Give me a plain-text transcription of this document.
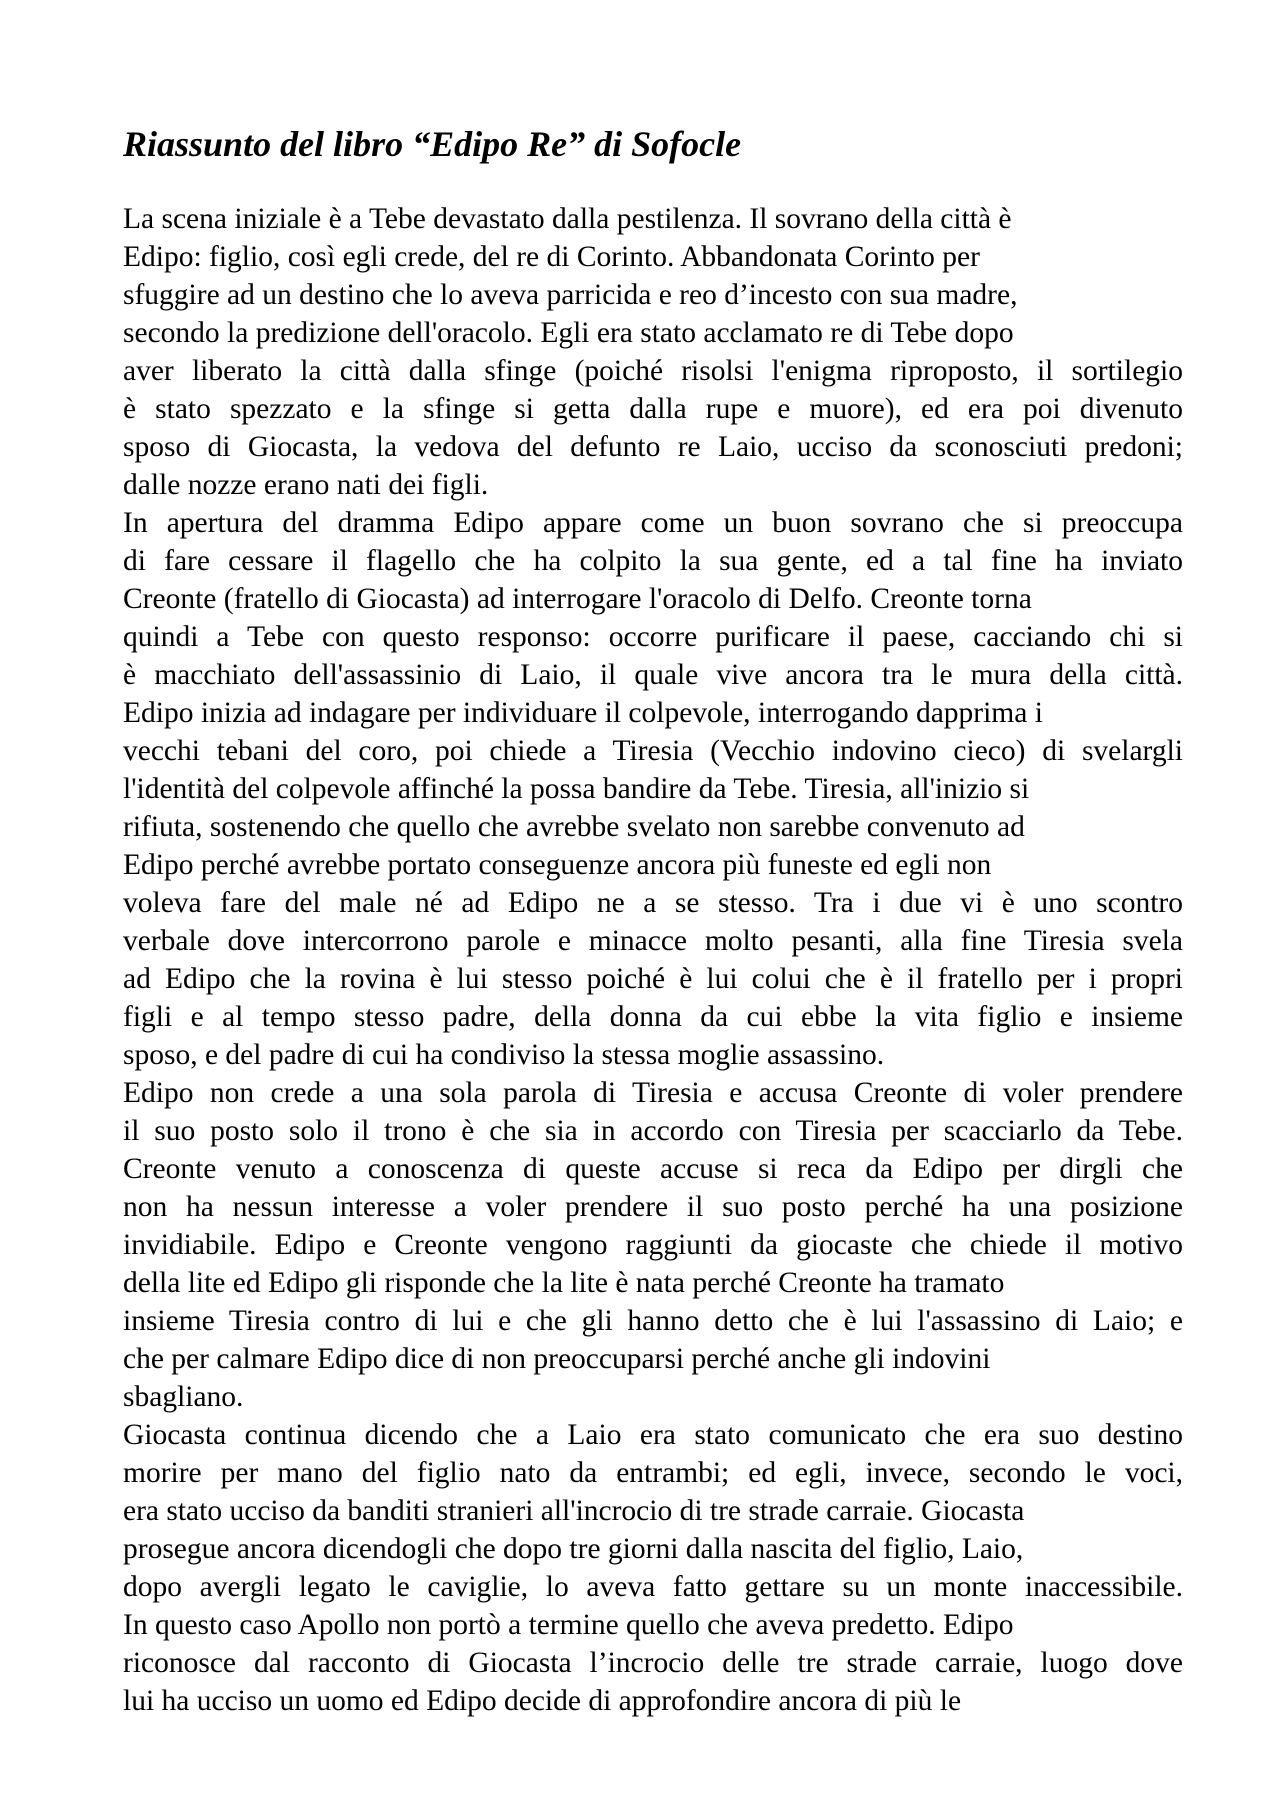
Riassunto del libro “Edipo Re” di Sofocle
La scena iniziale è a Tebe devastato dalla pestilenza. Il sovrano della città è
Edipo: figlio, così egli crede, del re di Corinto. Abbandonata Corinto per
sfuggire ad un destino che lo aveva parricida e reo d’incesto con sua madre,
secondo la predizione dell'oracolo. Egli era stato acclamato re di Tebe dopo
aver liberato la città dalla sfinge (poiché risolsi l'enigma riproposto, il sortilegio
è stato spezzato e la sfinge si getta dalla rupe e muore), ed era poi divenuto
sposo di Giocasta, la vedova del defunto re Laio, ucciso da sconosciuti predoni;
dalle nozze erano nati dei figli.
In apertura del dramma Edipo appare come un buon sovrano che si preoccupa
di fare cessare il flagello che ha colpito la sua gente, ed a tal fine ha inviato
Creonte (fratello di Giocasta) ad interrogare l'oracolo di Delfo. Creonte torna
quindi a Tebe con questo responso: occorre purificare il paese, cacciando chi si
è macchiato dell'assassinio di Laio, il quale vive ancora tra le mura della città.
Edipo inizia ad indagare per individuare il colpevole, interrogando dapprima i
vecchi tebani del coro, poi chiede a Tiresia (Vecchio indovino cieco) di svelargli
l'identità del colpevole affinché la possa bandire da Tebe. Tiresia, all'inizio si
rifiuta, sostenendo che quello che avrebbe svelato non sarebbe convenuto ad
Edipo perché avrebbe portato conseguenze ancora più funeste ed egli non
voleva fare del male né ad Edipo ne a se stesso. Tra i due vi è uno scontro
verbale dove intercorrono parole e minacce molto pesanti, alla fine Tiresia svela
ad Edipo che la rovina è lui stesso poiché è lui colui che è il fratello per i propri
figli e al tempo stesso padre, della donna da cui ebbe la vita figlio e insieme
sposo, e del padre di cui ha condiviso la stessa moglie assassino.
Edipo non crede a una sola parola di Tiresia e accusa Creonte di voler prendere
il suo posto solo il trono è che sia in accordo con Tiresia per scacciarlo da Tebe.
Creonte venuto a conoscenza di queste accuse si reca da Edipo per dirgli che
non ha nessun interesse a voler prendere il suo posto perché ha una posizione
invidiabile. Edipo e Creonte vengono raggiunti da giocaste che chiede il motivo
della lite ed Edipo gli risponde che la lite è nata perché Creonte ha tramato
insieme Tiresia contro di lui e che gli hanno detto che è lui l'assassino di Laio; e
che per calmare Edipo dice di non preoccuparsi perché anche gli indovini
sbagliano.
Giocasta continua dicendo che a Laio era stato comunicato che era suo destino
morire per mano del figlio nato da entrambi; ed egli, invece, secondo le voci,
era stato ucciso da banditi stranieri all'incrocio di tre strade carraie. Giocasta
prosegue ancora dicendogli che dopo tre giorni dalla nascita del figlio, Laio,
dopo avergli legato le caviglie, lo aveva fatto gettare su un monte inaccessibile.
In questo caso Apollo non portò a termine quello che aveva predetto. Edipo
riconosce dal racconto di Giocasta l’incrocio delle tre strade carraie, luogo dove
lui ha ucciso un uomo ed Edipo decide di approfondire ancora di più le
